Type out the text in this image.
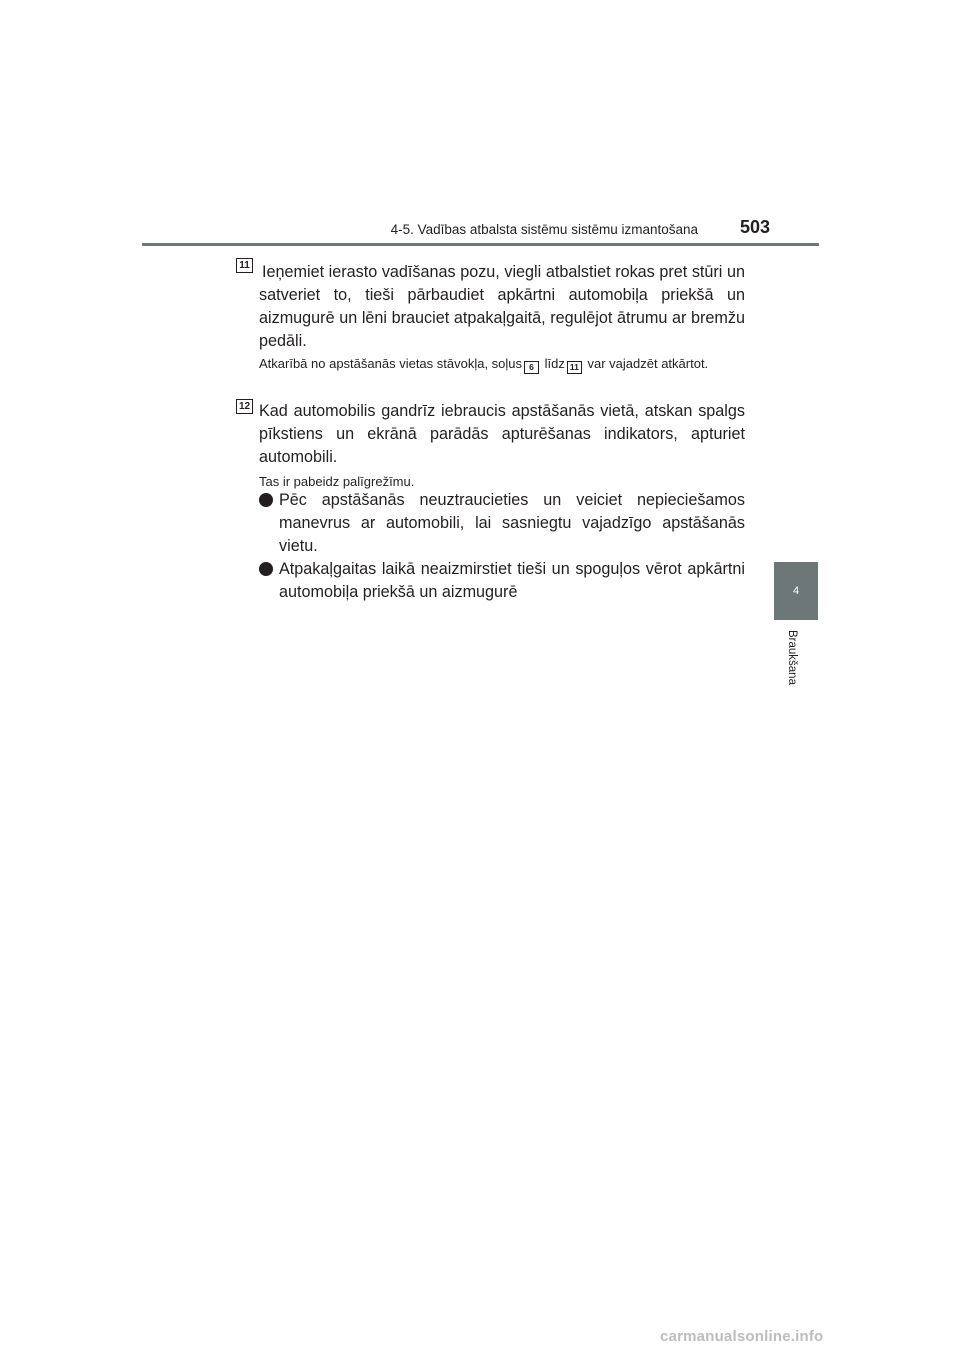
4-5. Vadības atbalsta sistēmu sistēmu izmantošana 503
4
Braukšana
11 Ieņemiet ierasto vadīšanas pozu, viegli atbalstiet rokas pret stūri un satveriet to, tieši pārbaudiet apkārtni automobiļa priekšā un aizmugurē un lēni brauciet atpakaļgaitā, regulējot ātrumu ar bremžu pedāli.

Atkarībā no apstāšanās vietas stāvokļa, soļus 6 līdz 11 var vajadzēt atkārtot.

12 Kad automobilis gandrīz iebraucis apstāšanās vietā, atskan spalgs pīkstiens un ekrānā parādās apturēšanas indikators, apturiet automobili.

Tas ir pabeidz palīgrežīmu.

Pēc apstāšanās neuztraucieties un veiciet nepieciešamos manevrus ar automobili, lai sasniegtu vajadzīgo apstāšanās vietu.
Atpakaļgaitas laikā neaizmirstiet tieši un spoguļos vērot apkārtni automobiļa priekšā un aizmugurē
carmanualsonline.info
